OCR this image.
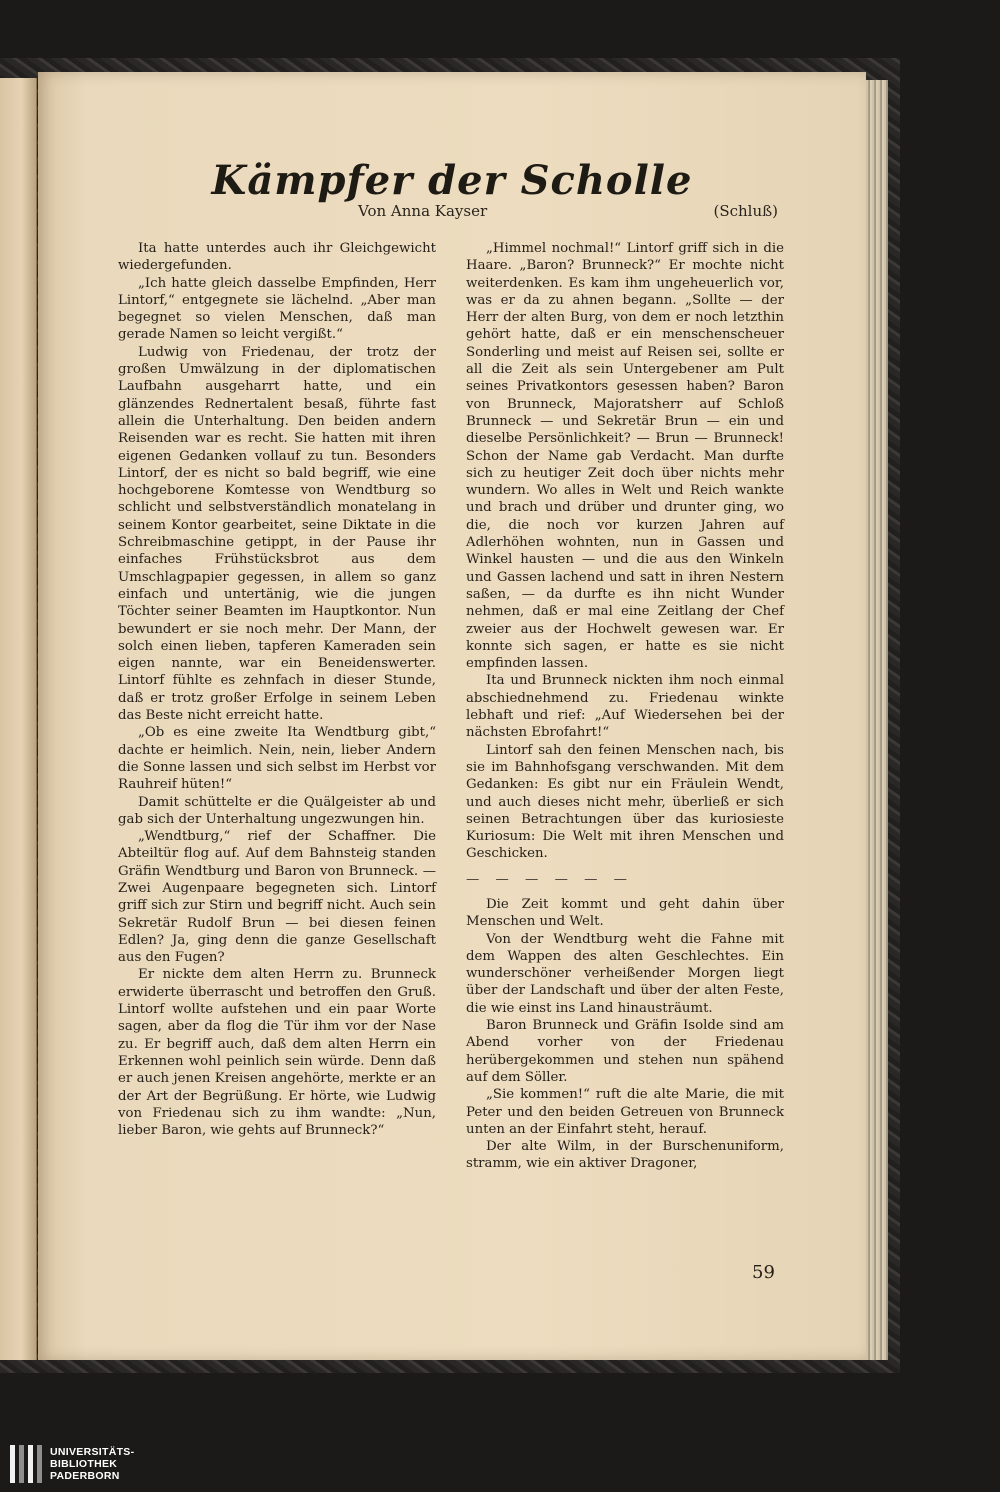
Kämpfer der Scholle
Von Anna Kayser	(Schluß)

Ita hatte unterdes auch ihr Gleichgewicht wiedergefunden.

„Ich hatte gleich dasselbe Empfinden, Herr Lintorf,“ entgegnete sie lächelnd. „Aber man begegnet so vielen Menschen, daß man gerade Namen so leicht vergißt.“

Ludwig von Friedenau, der trotz der großen Umwälzung in der diplomatischen Laufbahn ausgeharrt hatte, und ein glänzendes Rednertalent besaß, führte fast allein die Unterhaltung. Den beiden andern Reisenden war es recht. Sie hatten mit ihren eigenen Gedanken vollauf zu tun. Besonders Lintorf, der es nicht so bald begriff, wie eine hochgeborene Komtesse von Wendtburg so schlicht und selbstverständlich monatelang in seinem Kontor gearbeitet, seine Diktate in die Schreibmaschine getippt, in der Pause ihr einfaches Frühstücksbrot aus dem Umschlagpapier gegessen, in allem so ganz einfach und untertänig, wie die jungen Töchter seiner Beamten im Hauptkontor. Nun bewundert er sie noch mehr. Der Mann, der solch einen lieben, tapferen Kameraden sein eigen nannte, war ein Beneidenswerter. Lintorf fühlte es zehnfach in dieser Stunde, daß er trotz großer Erfolge in seinem Leben das Beste nicht erreicht hatte.

„Ob es eine zweite Ita Wendtburg gibt,“ dachte er heimlich. Nein, nein, lieber Andern die Sonne lassen und sich selbst im Herbst vor Rauhreif hüten!“

Damit schüttelte er die Quälgeister ab und gab sich der Unterhaltung ungezwungen hin.

„Wendtburg,“ rief der Schaffner. Die Abteiltür flog auf. Auf dem Bahnsteig standen Gräfin Wendtburg und Baron von Brunneck. — Zwei Augenpaare begegneten sich. Lintorf griff sich zur Stirn und begriff nicht. Auch sein Sekretär Rudolf Brun — bei diesen feinen Edlen? Ja, ging denn die ganze Gesellschaft aus den Fugen?

Er nickte dem alten Herrn zu. Brunneck erwiderte überrascht und betroffen den Gruß. Lintorf wollte aufstehen und ein paar Worte sagen, aber da flog die Tür ihm vor der Nase zu. Er begriff auch, daß dem alten Herrn ein Erkennen wohl peinlich sein würde. Denn daß er auch jenen Kreisen angehörte, merkte er an der Art der Begrüßung. Er hörte, wie Ludwig von Friedenau sich zu ihm wandte: „Nun, lieber Baron, wie gehts auf Brunneck?“

„Himmel nochmal!“ Lintorf griff sich in die Haare. „Baron? Brunneck?“ Er mochte nicht weiterdenken. Es kam ihm ungeheuerlich vor, was er da zu ahnen begann. „Sollte — der Herr der alten Burg, von dem er noch letzthin gehört hatte, daß er ein menschenscheuer Sonderling und meist auf Reisen sei, sollte er all die Zeit als sein Untergebener am Pult seines Privatkontors gesessen haben? Baron von Brunneck, Majoratsherr auf Schloß Brunneck — und Sekretär Brun — ein und dieselbe Persönlichkeit? — Brun — Brunneck! Schon der Name gab Verdacht. Man durfte sich zu heutiger Zeit doch über nichts mehr wundern. Wo alles in Welt und Reich wankte und brach und drüber und drunter ging, wo die, die noch vor kurzen Jahren auf Adlerhöhen wohnten, nun in Gassen und Winkel hausten — und die aus den Winkeln und Gassen lachend und satt in ihren Nestern saßen, — da durfte es ihn nicht Wunder nehmen, daß er mal eine Zeitlang der Chef zweier aus der Hochwelt gewesen war. Er konnte sich sagen, er hatte es sie nicht empfinden lassen.

Ita und Brunneck nickten ihm noch einmal abschiednehmend zu. Friedenau winkte lebhaft und rief: „Auf Wiedersehen bei der nächsten Ebrofahrt!“

Lintorf sah den feinen Menschen nach, bis sie im Bahnhofsgang verschwanden. Mit dem Gedanken: Es gibt nur ein Fräulein Wendt, und auch dieses nicht mehr, überließ er sich seinen Betrachtungen über das kuriosieste Kuriosum: Die Welt mit ihren Menschen und Geschicken.

— — — — — —

Die Zeit kommt und geht dahin über Menschen und Welt.

Von der Wendtburg weht die Fahne mit dem Wappen des alten Geschlechtes. Ein wunderschöner verheißender Morgen liegt über der Landschaft und über der alten Feste, die wie einst ins Land hinausträumt.

Baron Brunneck und Gräfin Isolde sind am Abend vorher von der Friedenau herübergekommen und stehen nun spähend auf dem Söller.

„Sie kommen!“ ruft die alte Marie, die mit Peter und den beiden Getreuen von Brunneck unten an der Einfahrt steht, herauf.

Der alte Wilm, in der Burschenuniform, stramm, wie ein aktiver Dragoner,

59
UNIVERSITÄTS-
BIBLIOTHEK
PADERBORN
